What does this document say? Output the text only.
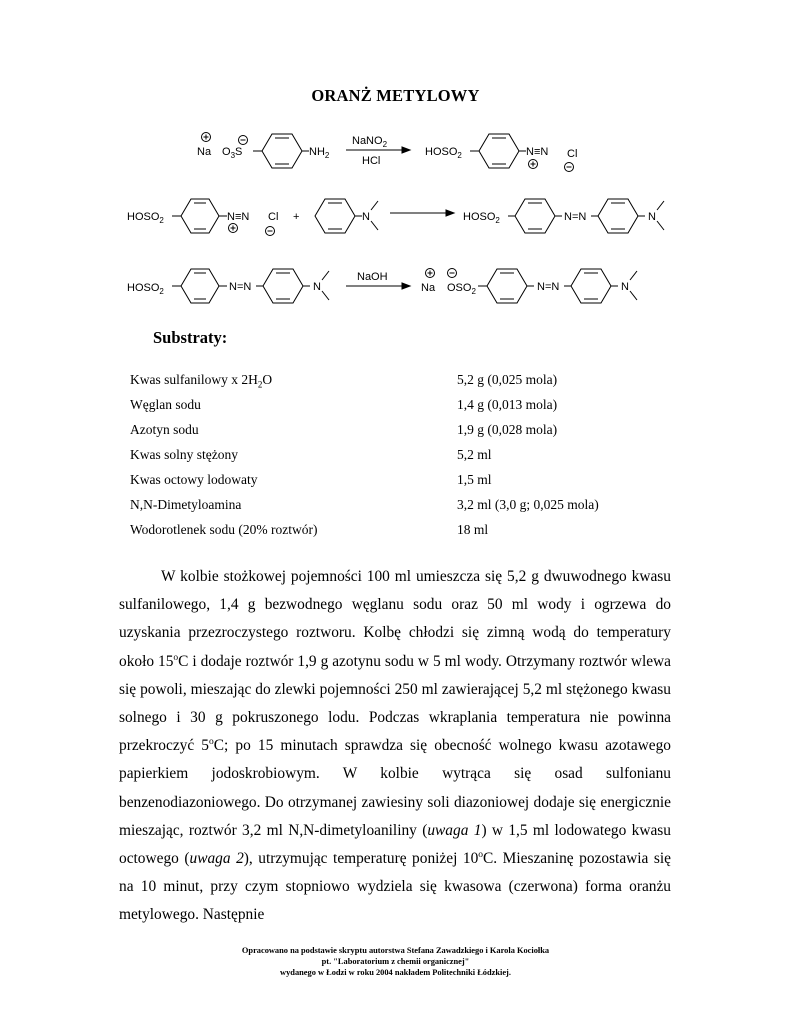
ORANŻ METYLOWY
Na $O_3S$	$NH_2$
NaNO$_2$
HCl
$HOSO_2$	N≡N Cl
$HOSO_2$	N≡N Cl +	N	$HOSO_2$	N=N	N
$HOSO_2$	N=N	N
NaOH
Na $OSO_2$	N=N	N
Substraty:
Kwas sulfanilowy x $2H_2O$	5,2 g (0,025 mola)
Węglan sodu	1,4 g (0,013 mola)
Azotyn sodu	1,9 g (0,028 mola)
Kwas solny stężony	5,2 ml
Kwas octowy lodowaty	1,5 ml
N,N-Dimetyloamina	3,2 ml (3,0 g; 0,025 mola)
Wodorotlenek sodu (20% roztwór)	18 ml

W kolbie stożkowej pojemności 100 ml umieszcza się 5,2 g dwuwodnego kwasu sulfanilowego, 1,4 g bezwodnego węglanu sodu oraz 50 ml wody i ogrzewa do uzyskania przezroczystego roztworu. Kolbę chłodzi się zimną wodą do temperatury około 15$^o$C i dodaje roztwór 1,9 g azotynu sodu w 5 ml wody. Otrzymany roztwór wlewa się powoli, mieszając do zlewki pojemności 250 ml zawierającej 5,2 ml stężonego kwasu solnego i 30 g pokruszonego lodu. Podczas wkraplania temperatura nie powinna przekroczyć 5$^o$C; po 15 minutach sprawdza się obecność wolnego kwasu azotawego papierkiem jodoskrobiowym. W kolbie wytrąca się osad sulfonianu benzenodiazoniowego. Do otrzymanej zawiesiny soli diazoniowej dodaje się energicznie mieszając, roztwór 3,2 ml N,N-dimetyloaniliny (uwaga 1) w 1,5 ml lodowatego kwasu octowego (uwaga 2), utrzymując temperaturę poniżej 10$^o$C. Mieszaninę pozostawia się na 10 minut, przy czym stopniowo wydziela się kwasowa (czerwona) forma oranżu metylowego. Następnie

Opracowano na podstawie skryptu autorstwa Stefana Zawadzkiego i Karola Kociołka
pt. "Laboratorium z chemii organicznej"
wydanego w Łodzi w roku 2004 nakładem Politechniki Łódzkiej.
